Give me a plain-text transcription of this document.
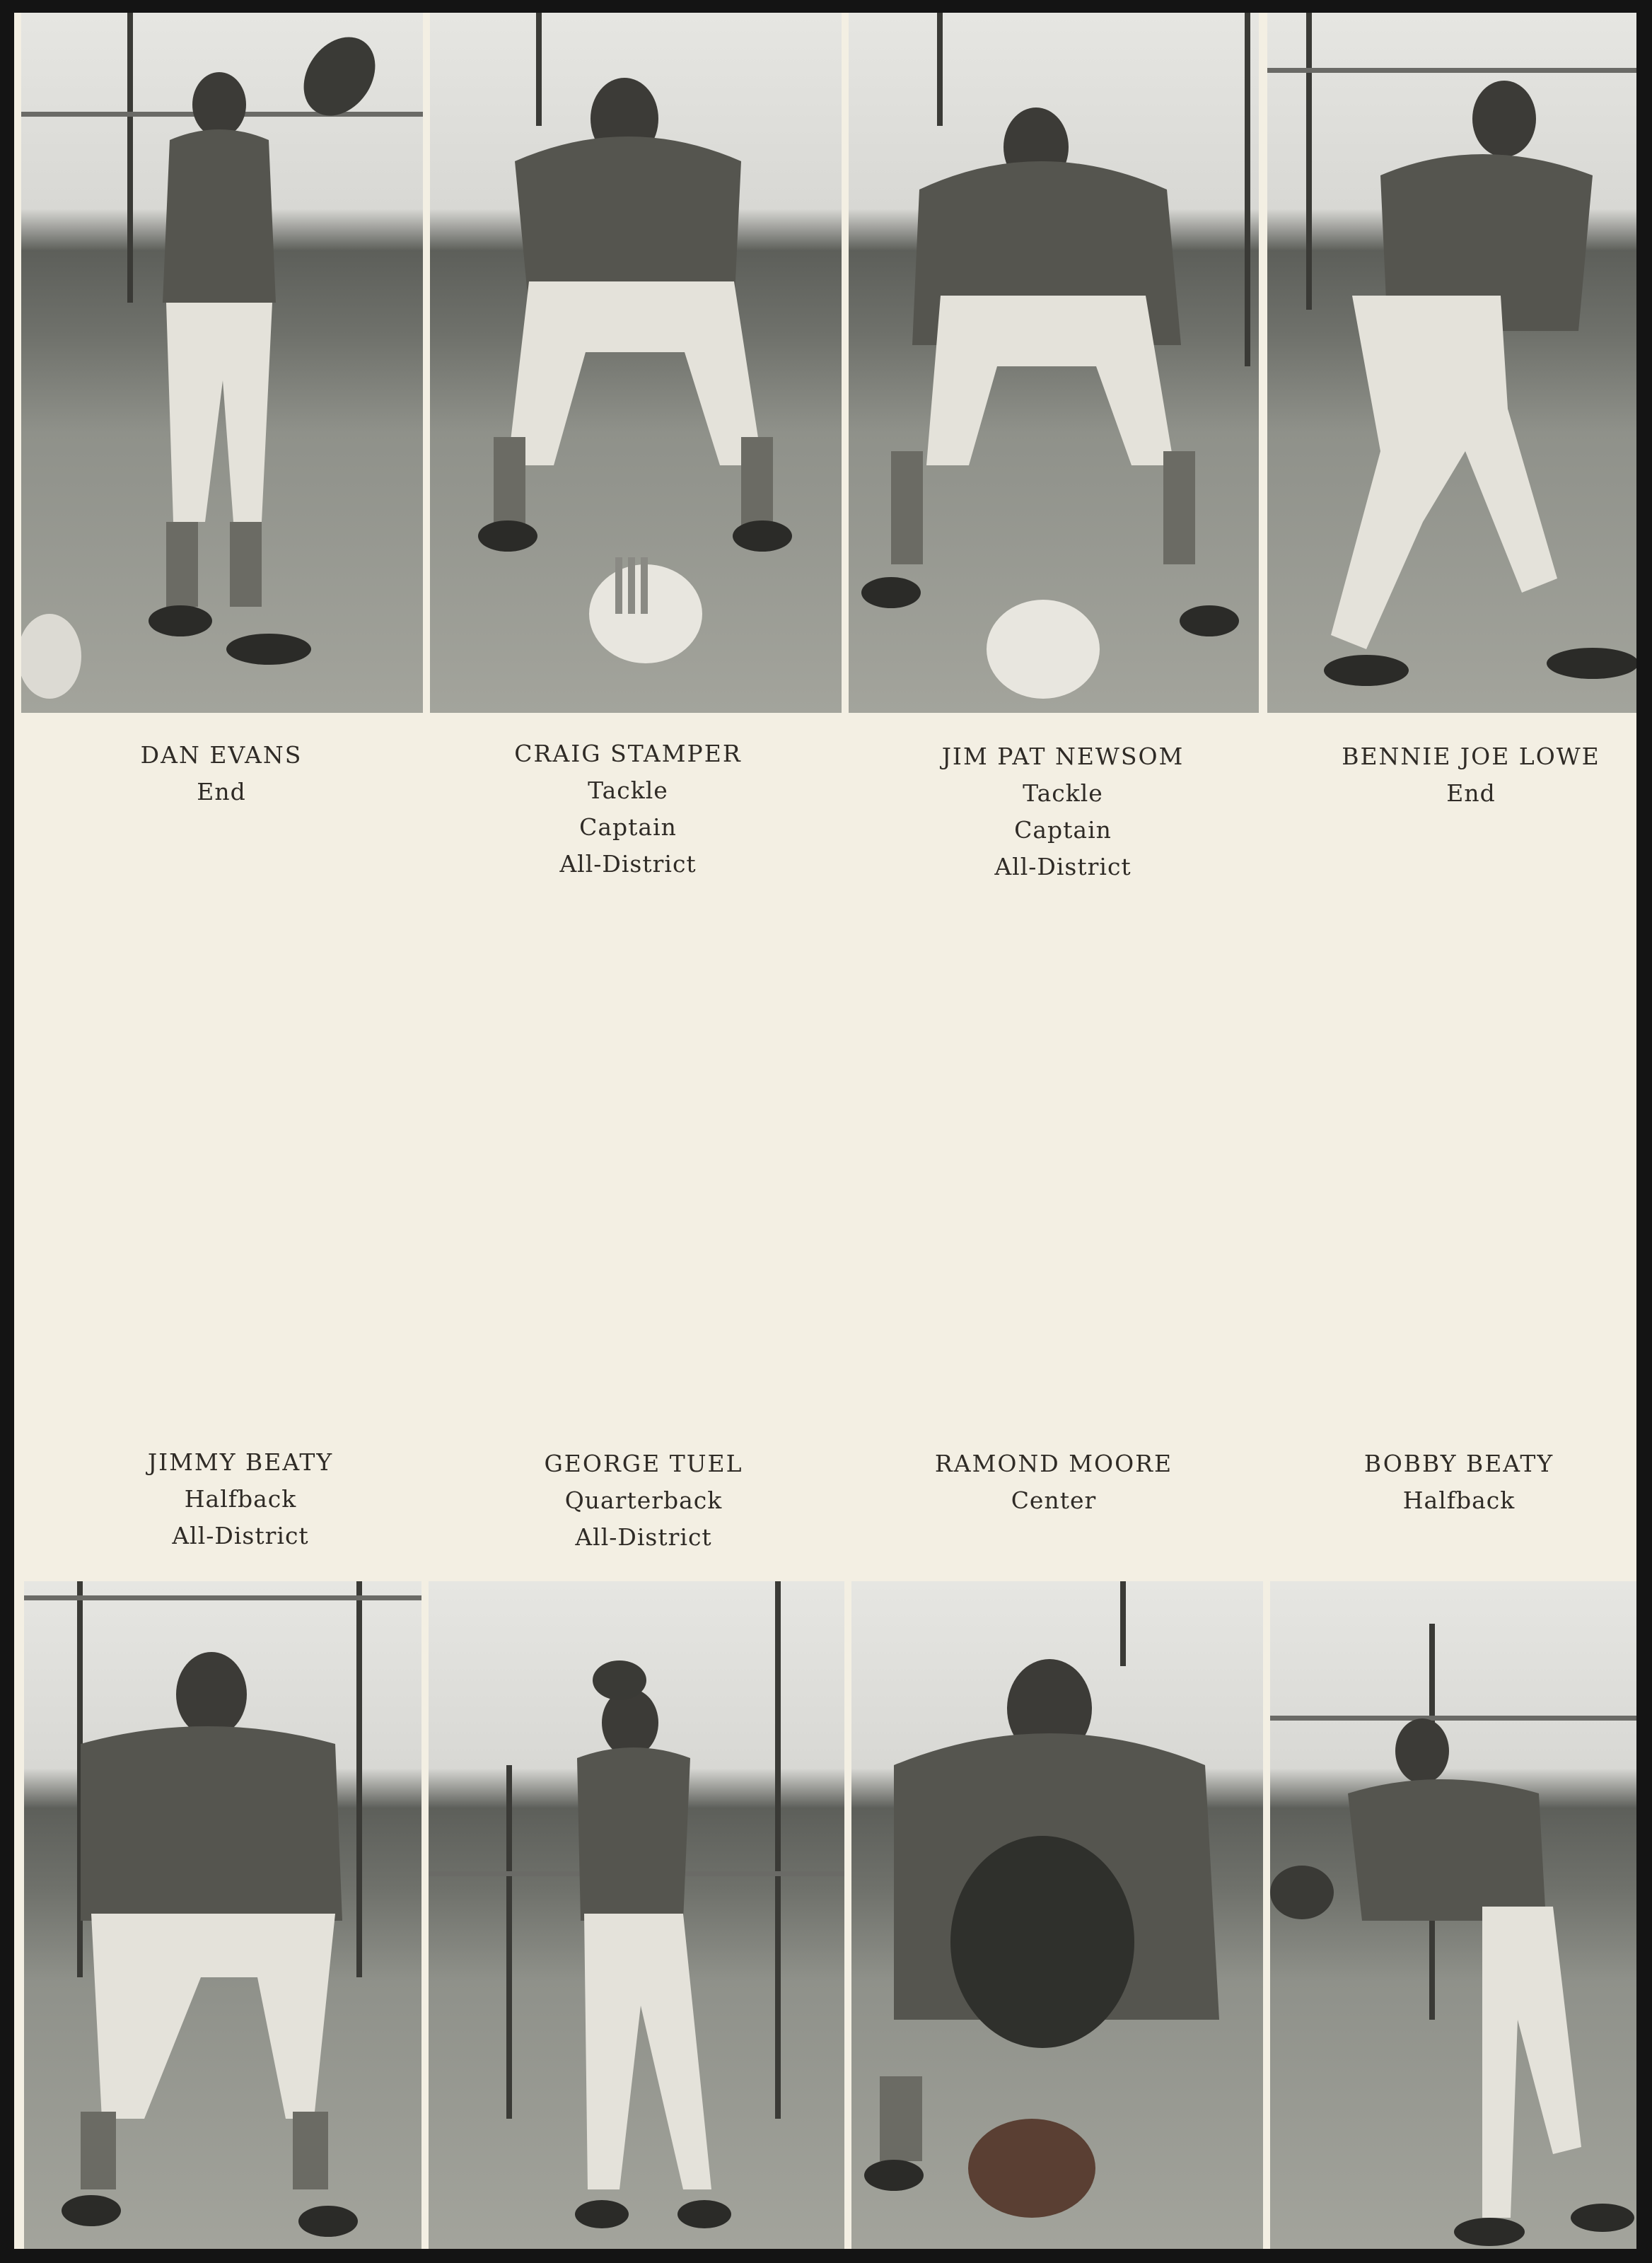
DAN EVANS
End
CRAIG STAMPER
Tackle
Captain
All-District
JIM PAT NEWSOM
Tackle
Captain
All-District
BENNIE JOE LOWE
End
JIMMY BEATY
Halfback
All-District
GEORGE TUEL
Quarterback
All-District
RAMOND MOORE
Center
BOBBY BEATY
Halfback
